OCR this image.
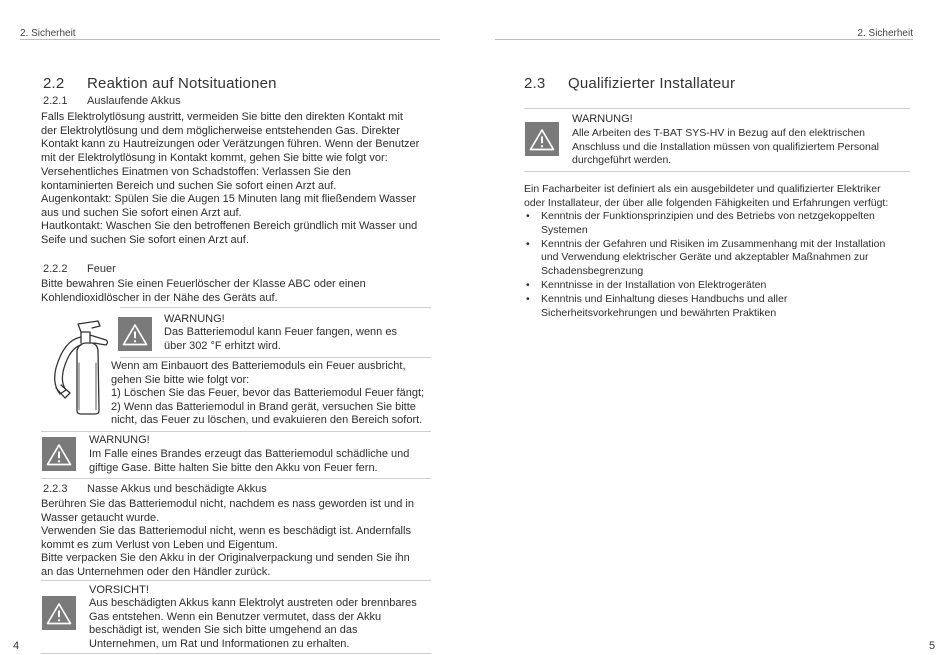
2. Sicherheit	2. Sicherheit
2.2 Reaktion auf Notsituationen
2.2.1 Auslaufende Akkus

Falls Elektrolytlösung austritt, vermeiden Sie bitte den direkten Kontakt mit
der Elektrolytlösung und dem möglicherweise entstehenden Gas. Direkter
Kontakt kann zu Hautreizungen oder Verätzungen führen. Wenn der Benutzer
mit der Elektrolytlösung in Kontakt kommt, gehen Sie bitte wie folgt vor:

Versehentliches Einatmen von Schadstoffen: Verlassen Sie den
kontaminierten Bereich und suchen Sie sofort einen Arzt auf.
Augenkontakt: Spülen Sie die Augen 15 Minuten lang mit fließendem Wasser
aus und suchen Sie sofort einen Arzt auf.
Hautkontakt: Waschen Sie den betroffenen Bereich gründlich mit Wasser und
Seife und suchen Sie sofort einen Arzt auf.

2.2.2 Feuer

Bitte bewahren Sie einen Feuerlöscher der Klasse ABC oder einen
Kohlendioxidlöscher in der Nähe des Geräts auf.

WARNUNG!

Das Batteriemodul kann Feuer fangen, wenn es
über 302 °F erhitzt wird.

Wenn am Einbauort des Batteriemoduls ein Feuer ausbricht,
gehen Sie bitte wie folgt vor:
1) Löschen Sie das Feuer, bevor das Batteriemodul Feuer fängt;
2) Wenn das Batteriemodul in Brand gerät, versuchen Sie bitte
nicht, das Feuer zu löschen, und evakuieren den Bereich sofort.

WARNUNG!

Im Falle eines Brandes erzeugt das Batteriemodul schädliche und
giftige Gase. Bitte halten Sie bitte den Akku von Feuer fern.

2.2.3 Nasse Akkus und beschädigte Akkus

Berühren Sie das Batteriemodul nicht, nachdem es nass geworden ist und in
Wasser getaucht wurde.
Verwenden Sie das Batteriemodul nicht, wenn es beschädigt ist. Andernfalls
kommt es zum Verlust von Leben und Eigentum.
Bitte verpacken Sie den Akku in der Originalverpackung und senden Sie ihn
an das Unternehmen oder den Händler zurück.

VORSICHT!

Aus beschädigten Akkus kann Elektrolyt austreten oder brennbares
Gas entstehen. Wenn ein Benutzer vermutet, dass der Akku
beschädigt ist, wenden Sie sich bitte umgehend an das
Unternehmen, um Rat und Informationen zu erhalten.

4
2.3 Qualifizierter Installateur
WARNUNG!

Alle Arbeiten des T-BAT SYS-HV in Bezug auf den elektrischen
Anschluss und die Installation müssen von qualifiziertem Personal
durchgeführt werden.

Ein Facharbeiter ist definiert als ein ausgebildeter und qualifizierter Elektriker
oder Installateur, der über alle folgenden Fähigkeiten und Erfahrungen verfügt:

• Kenntnis der Funktionsprinzipien und des Betriebs von netzgekoppelten
Systemen
• Kenntnis der Gefahren und Risiken im Zusammenhang mit der Installation
und Verwendung elektrischer Geräte und akzeptabler Maßnahmen zur
Schadensbegrenzung
• Kenntnisse in der Installation von Elektrogeräten
• Kenntnis und Einhaltung dieses Handbuchs und aller
Sicherheitsvorkehrungen und bewährten Praktiken
5
